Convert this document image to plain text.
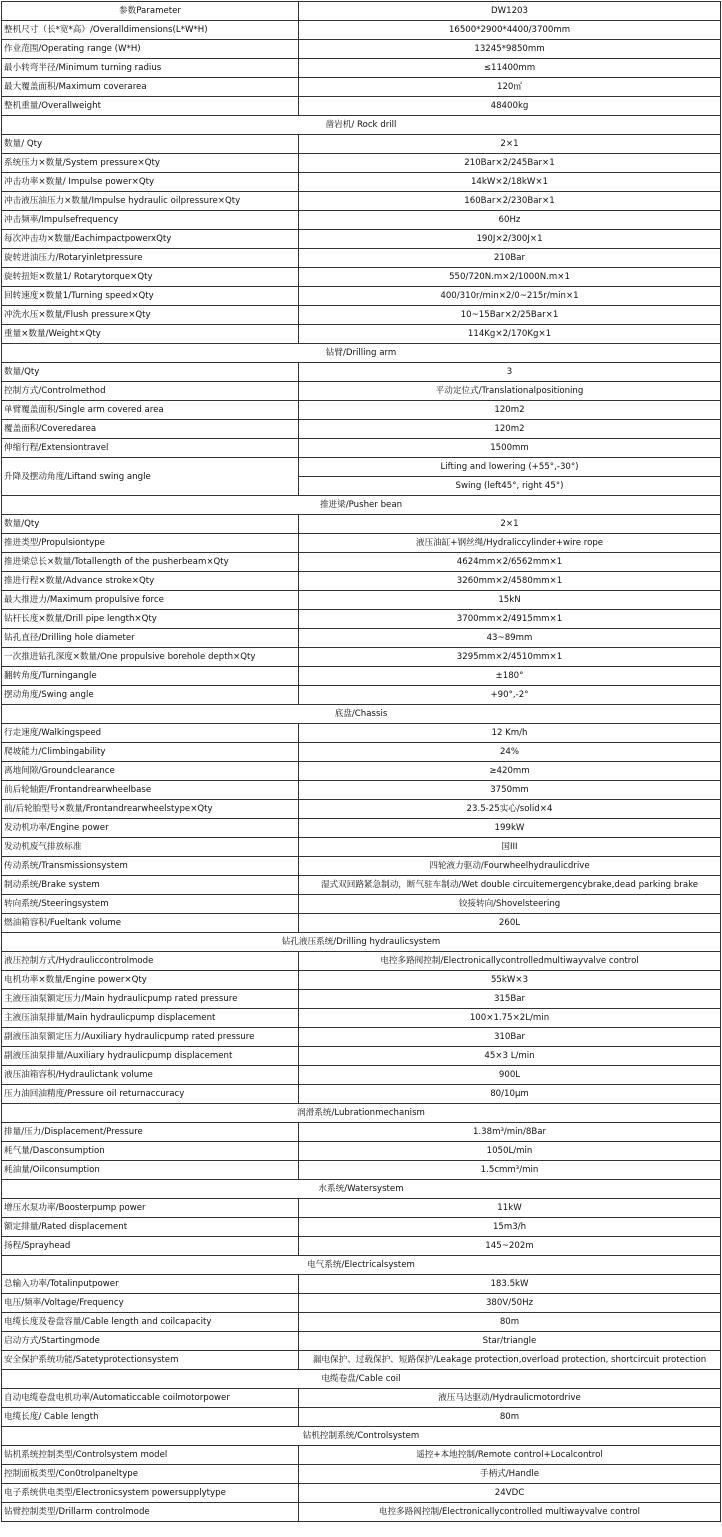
参数Parameter	DW1203
整机尺寸（长*宽*高）/Overalldimensions(L*W*H)	16500*2900*4400/3700mm
作业范围/Operating range (W*H)	13245*9850mm
最小转弯半径/Minimum turning radius	≤11400mm
最大覆盖面积/Maximum coverarea	120㎡
整机重量/Overallweight	48400kg
凿岩机/ Rock drill	
数量/ Qty	2×1
系统压力×数量/System pressure×Qty	210Bar×2/245Bar×1
冲击功率×数量/ Impulse power×Qty	14kW×2/18kW×1
冲击液压油压力×数量/Impulse hydraulic oilpressure×Qty	160Bar×2/230Bar×1
冲击频率/Impulsefrequency	60Hz
每次冲击功×数量/EachimpactpowerxQty	190J×2/300J×1
旋转进油压力/Rotaryinletpressure	210Bar
旋转扭矩×数量1/ Rotarytorque×Qty	550/720N.m×2/1000N.m×1
回转速度×数量1/Turning speed×Qty	400/310r/min×2/0~215r/min×1
冲洗水压×数量/Flush pressure×Qty	10~15Bar×2/25Bar×1
重量×数量/Weight×Qty	114Kg×2/170Kg×1
钻臂/Drilling arm	
数量/Qty	3
控制方式/Controlmethod	平动定位式/Translationalpositioning
单臂覆盖面积/Single arm covered area	120m2
覆盖面积/Coveredarea	120m2
伸缩行程/Extensiontravel	1500mm
升降及摆动角度/Liftand swing angle	Lifting and lowering (+55°,-30°)
	Swing (left45°, right 45°)
推进梁/Pusher bean	
数量/Qty	2×1
推进类型/Propulsiontype	液压油缸+钢丝绳/Hydraliccylinder+wire rope
推进梁总长×数量/Totallength of the pusherbeam×Qty	4624mm×2/6562mm×1
推进行程×数量/Advance stroke×Qty	3260mm×2/4580mm×1
最大推进力/Maximum propulsive force	15kN
钻杆长度×数量/Drill pipe length×Qty	3700mm×2/4915mm×1
钻孔直径/Drilling hole diameter	43~89mm
一次推进钻孔深度×数量/One propulsive borehole depth×Qty	3295mm×2/4510mm×1
翻转角度/Turningangle	±180°
摆动角度/Swing angle	+90°,-2°
底盘/Chassis	
行走速度/Walkingspeed	12 Km/h
爬坡能力/Climbingability	24%
离地间隙/Groundclearance	≥420mm
前后轮轴距/Frontandrearwheelbase	3750mm
前/后轮胎型号×数量/Frontandrearwheelstype×Qty	23.5-25实心/solid×4
发动机功率/Engine power	199kW
发动机废气排放标准	国III
传动系统/Transmissionsystem	四轮液力驱动/Fourwheelhydraulicdrive
制动系统/Brake system	湿式双回路紧急制动，断气驻车制动/Wet double circuitemergencybrake,dead parking brake
转向系统/Steeringsystem	铰接转向/Shovelsteering
燃油箱容积/Fueltank volume	260L
钻孔液压系统/Drilling hydraulicsystem	
液压控制方式/Hydrauliccontrolmode	电控多路阀控制/Electronicallycontrolledmultiwayvalve control
电机功率×数量/Engine power×Qty	55kW×3
主液压油泵额定压力/Main hydraulicpump rated pressure	315Bar
主液压油泵排量/Main hydraulicpump displacement	100×1.75×2L/min
副液压油泵额定压力/Auxiliary hydraulicpump rated pressure	310Bar
副液压油泵排量/Auxiliary hydraulicpump displacement	45×3 L/min
液压油箱容积/Hydraulictank volume	900L
压力油回油精度/Pressure oil returnaccuracy	80/10μm
润滑系统/Lubrationmechanism	
排量/压力/Displacement/Pressure	1.38m³/min/8Bar
耗气量/Dasconsumption	1050L/min
耗油量/Oilconsumption	1.5cmm³/min
水系统/Watersystem	
增压水泵功率/Boosterpump power	11kW
额定排量/Rated displacement	15m3/h
扬程/Sprayhead	145~202m
电气系统/Electricalsystem	
总输入功率/Totalinputpower	183.5kW
电压/频率/Voltage/Frequency	380V/50Hz
电缆长度及卷盘容量/Cable length and coilcapacity	80m
启动方式/Startingmode	Star/triangle
安全保护系统功能/Satetyprotectionsystem	漏电保护、过载保护、短路保护/Leakage protection,overload protection, shortcircuit protection
电缆卷盘/Cable coil	
自动电缆卷盘电机功率/Automaticcable coilmotorpower	液压马达驱动/Hydraulicmotordrive
电缆长度/ Cable length	80m
钻机控制系统/Controlsystem	
钻机系统控制类型/Controlsystem model	遥控+本地控制/Remote control+Localcontrol
控制面板类型/Con0trolpaneltype	手柄式/Handle
电子系统供电类型/Electronicsystem powersupplytype	24VDC
钻臂控制类型/Drillarm controlmode	电控多路阀控制/Electronicallycontrolled multiwayvalve control
